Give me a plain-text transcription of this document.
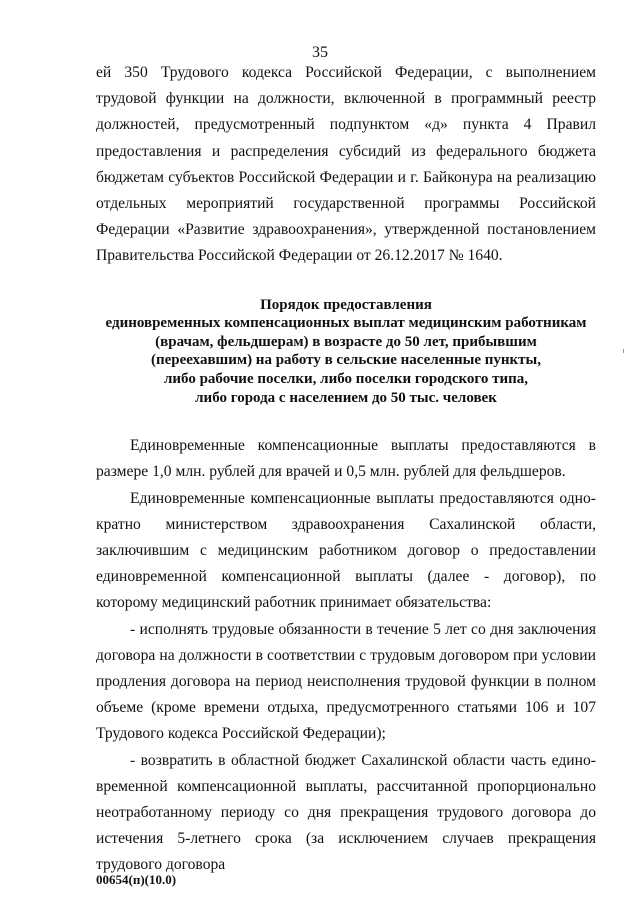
35

ей 350 Трудового кодекса Российской Федерации, с выполнением трудовой функции на должности, включенной в программный реестр должностей, предусмотренный подпунктом «д» пункта 4 Правил предоставления и распределения субсидий из федерального бюджета бюджетам субъектов Российской Федерации и г. Байконура на реализацию отдельных мероприятий государственной программы Российской Федерации «Развитие здравоохранения», утвержденной постановлением Правительства Российской Федерации от 26.12.2017 № 1640.

Порядок предоставления
единовременных компенсационных выплат медицинским работникам
(врачам, фельдшерам) в возрасте до 50 лет, прибывшим
(переехавшим) на работу в сельские населенные пункты,
либо рабочие поселки, либо поселки городского типа,
либо города с населением до 50 тыс. человек

Единовременные компенсационные выплаты предоставляются в размере 1,0 млн. рублей для врачей и 0,5 млн. рублей для фельдшеров.

Единовременные компенсационные выплаты предоставляются однократно министерством здравоохранения Сахалинской области, заключившим с медицинским работником договор о предоставлении единовременной компенсационной выплаты (далее - договор), по которому медицинский работник принимает обязательства:

- исполнять трудовые обязанности в течение 5 лет со дня заключения договора на должности в соответствии с трудовым договором при условии продления договора на период неисполнения трудовой функции в полном объеме (кроме времени отдыха, предусмотренного статьями 106 и 107 Трудового кодекса Российской Федерации);

- возвратить в областной бюджет Сахалинской области часть единовременной компенсационной выплаты, рассчитанной пропорционально неотработанному периоду со дня прекращения трудового договора до истечения 5-летнего срока (за исключением случаев прекращения трудового договора

00654(п)(10.0)
